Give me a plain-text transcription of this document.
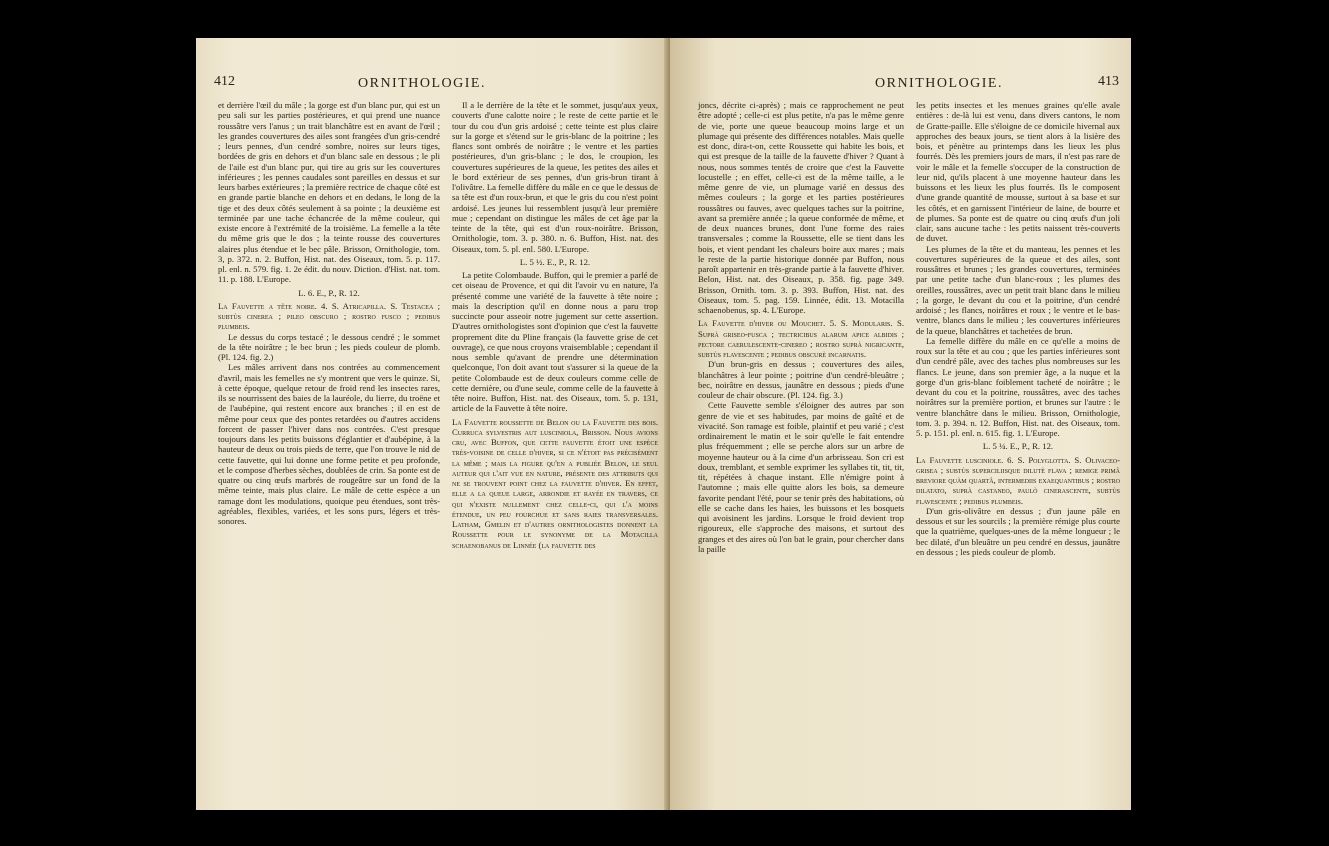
412	ORNITHOLOGIE.

et derrière l'œil du mâle ; la gorge est d'un blanc pur, qui est un peu sali sur les parties postérieures, et qui prend une nuance roussâtre vers l'anus ; un trait blanchâtre est en avant de l'œil ; les grandes couvertures des ailes sont frangées d'un gris-cendré ; leurs pennes, d'un cendré sombre, noires sur leurs tiges, bordées de gris en dehors et d'un blanc sale en dessous ; le pli de l'aile est d'un blanc pur, qui tire au gris sur les couvertures inférieures ; les pennes caudales sont pareilles en dessus et sur leurs barbes extérieures ; la première rectrice de chaque côté est en grande partie blanche en dehors et en dedans, le long de la tige et des deux côtés seulement à sa pointe ; la deuxième est terminée par une tache échancrée de la même couleur, qui existe encore à l'extrémité de la troisième. La femelle a la tête du même gris que le dos ; la teinte rousse des couvertures alaires plus étendue et le bec pâle. Brisson, Ornithologie, tom. 3, p. 372. n. 2. Buffon, Hist. nat. des Oiseaux, tom. 5. p. 117. pl. enl. n. 579. fig. 1. 2e édit. du nouv. Diction. d'Hist. nat. tom. 11. p. 188. L'Europe.

L. 6. E., P., R. 12.

La Fauvette a tête noire. 4. S. Atricapilla. S. Testacea ; subtùs cinerea ; pileo obscuro ; rostro fusco ; pedibus plumbeis.

Le dessus du corps testacé ; le dessous cendré ; le sommet de la tête noirâtre ; le bec brun ; les pieds couleur de plomb. (Pl. 124. fig. 2.)

Les mâles arrivent dans nos contrées au commencement d'avril, mais les femelles ne s'y montrent que vers le quinze. Si, à cette époque, quelque retour de froid rend les insectes rares, ils se nourrissent des baies de la lauréole, du lierre, du troëne et de l'aubépine, qui restent encore aux branches ; il en est de même pour ceux que des pontes retardées ou d'autres accidens forcent de passer l'hiver dans nos contrées. C'est presque toujours dans les petits buissons d'églantier et d'aubépine, à la hauteur de deux ou trois pieds de terre, que l'on trouve le nid de cette fauvette, qui lui donne une forme petite et peu profonde, et le compose d'herbes sèches, doublées de crin. Sa ponte est de quatre ou cinq œufs marbrés de rougeâtre sur un fond de la même teinte, mais plus claire. Le mâle de cette espèce a un ramage dont les modulations, quoique peu étendues, sont très-agréables, flexibles, variées, et les sons purs, légers et très-sonores.

Il a le derrière de la tête et le sommet, jusqu'aux yeux, couverts d'une calotte noire ; le reste de cette partie et le tour du cou d'un gris ardoisé ; cette teinte est plus claire sur la gorge et s'étend sur le gris-blanc de la poitrine ; les flancs sont ombrés de noirâtre ; le ventre et les parties postérieures, d'un gris-blanc ; le dos, le croupion, les couvertures supérieures de la queue, les petites des ailes et le bord extérieur de ses pennes, d'un gris-brun tirant à l'olivâtre. La femelle diffère du mâle en ce que le dessus de sa tête est d'un roux-brun, et que le gris du cou n'est point ardoisé. Les jeunes lui ressemblent jusqu'à leur première mue ; cependant on distingue les mâles de cet âge par la teinte de la tête, qui est d'un roux-noirâtre. Brisson, Ornithologie, tom. 3. p. 380. n. 6. Buffon, Hist. nat. des Oiseaux, tom. 5. pl. enl. 580. L'Europe.

L. 5 ½. E., P., R. 12.

La petite Colombaude. Buffon, qui le premier a parlé de cet oiseau de Provence, et qui dit l'avoir vu en nature, l'a présenté comme une variété de la fauvette à tête noire ; mais la description qu'il en donne nous a paru trop succincte pour asseoir notre jugement sur cette assertion. D'autres ornithologistes sont d'opinion que c'est la fauvette proprement dite du Pline français (la fauvette grise de cet ouvrage), ce que nous croyons vraisemblable ; cependant il nous semble qu'avant de prendre une détermination quelconque, l'on doit avant tout s'assurer si la queue de la petite Colombaude est de deux couleurs comme celle de cette dernière, ou d'une seule, comme celle de la fauvette à tête noire. Buffon, Hist. nat. des Oiseaux, tom. 5. p. 131, article de la Fauvette à tête noire.

La Fauvette roussette de Belon ou la Fauvette des bois. Curruca sylvestris aut lusciniola, Brisson. Nous avions cru, avec Buffon, que cette fauvette étoit une espèce très-voisine de celle d'hiver, si ce n'étoit pas précisément la même ; mais la figure qu'en a publiée Belon, le seul auteur qui l'ait vue en nature, présente des attributs qui ne se trouvent point chez la fauvette d'hiver. En effet, elle a la queue large, arrondie et rayée en travers, ce qui n'existe nullement chez celle-ci, qui l'a moins étendue, un peu fourchue et sans raies transversales. Latham, Gmelin et d'autres ornithologistes donnent la Roussette pour le synonyme de la Motacilla schaenobanus de Linnée (la fauvette des

ORNITHOLOGIE.	413

joncs, décrite ci-après) ; mais ce rapprochement ne peut être adopté ; celle-ci est plus petite, n'a pas le même genre de vie, porte une queue beaucoup moins large et un plumage qui présente des différences notables. Mais quelle est donc, dira-t-on, cette Roussette qui habite les bois, et qui est presque de la taille de la fauvette d'hiver ? Quant à nous, nous sommes tentés de croire que c'est la Fauvette locustelle ; en effet, celle-ci est de la même taille, a le même genre de vie, un plumage varié en dessus des mêmes couleurs ; la gorge et les parties postérieures roussâtres ou fauves, avec quelques taches sur la poitrine, avant sa première année ; la queue conformée de même, et de deux nuances brunes, dont l'une forme des raies transversales ; comme la Roussette, elle se tient dans les bois, et vient pendant les chaleurs boire aux mares ; mais le reste de la partie historique donnée par Buffon, nous paroît appartenir en très-grande partie à la fauvette d'hiver. Belon, Hist. nat. des Oiseaux, p. 358. fig. page 349. Brisson, Ornith. tom. 3. p. 393. Buffon, Hist. nat. des Oiseaux, tom. 5. pag. 159. Linnée, édit. 13. Motacilla schaenobenus, sp. 4. L'Europe.

La Fauvette d'hiver ou Mouchet. 5. S. Modularis. S. Suprà griseo-fusca ; tectricibus alarum apice albidis ; pectore caerulescente-cinereo ; rostro suprà nigricante, subtùs flavescente ; pedibus obscurè incarnatis.

D'un brun-gris en dessus ; couvertures des ailes, blanchâtres à leur pointe ; poitrine d'un cendré-bleuâtre ; bec, noirâtre en dessus, jaunâtre en dessous ; pieds d'une couleur de chair obscure. (Pl. 124. fig. 3.)

Cette Fauvette semble s'éloigner des autres par son genre de vie et ses habitudes, par moins de gaîté et de vivacité. Son ramage est foible, plaintif et peu varié ; c'est ordinairement le matin et le soir qu'elle le fait entendre plus fréquemment ; elle se perche alors sur un arbre de moyenne hauteur ou à la cime d'un arbrisseau. Son cri est doux, tremblant, et semble exprimer les syllabes tit, tit, tit, tit, répétées à chaque instant. Elle n'émigre point à l'automne ; mais elle quitte alors les bois, sa demeure favorite pendant l'été, pour se tenir près des habitations, où elle se cache dans les haies, les buissons et les bosquets qui avoisinent les jardins. Lorsque le froid devient trop rigoureux, elle s'approche des maisons, et surtout des granges et des aires où l'on bat le grain, pour chercher dans la paille

les petits insectes et les menues graines qu'elle avale entières : de-là lui est venu, dans divers cantons, le nom de Gratte-paille. Elle s'éloigne de ce domicile hivernal aux approches des beaux jours, se tient alors à la lisière des bois, et pénètre au printemps dans les lieux les plus fourrés. Dès les premiers jours de mars, il n'est pas rare de voir le mâle et la femelle s'occuper de la construction de leur nid, qu'ils placent à une moyenne hauteur dans les buissons et les lieux les plus fourrés. Ils le composent d'une grande quantité de mousse, surtout à sa base et sur les côtés, et en garnissent l'intérieur de laine, de bourre et de plumes. Sa ponte est de quatre ou cinq œufs d'un joli clair, sans aucune tache : les petits naissent très-couverts de duvet.

Les plumes de la tête et du manteau, les pennes et les couvertures supérieures de la queue et des ailes, sont roussâtres et brunes ; les grandes couvertures, terminées par une petite tache d'un blanc-roux ; les plumes des oreilles, roussâtres, avec un petit trait blanc dans le milieu ; la gorge, le devant du cou et la poitrine, d'un cendré ardoisé ; les flancs, noirâtres et roux ; le ventre et le bas-ventre, blancs dans le milieu ; les couvertures inférieures de la queue, blanchâtres et tachetées de brun.

La femelle diffère du mâle en ce qu'elle a moins de roux sur la tête et au cou ; que les parties inférieures sont d'un cendré pâle, avec des taches plus nombreuses sur les flancs. Le jeune, dans son premier âge, a la nuque et la gorge d'un gris-blanc foiblement tacheté de noirâtre ; le devant du cou et la poitrine, roussâtres, avec des taches noirâtres sur la première portion, et brunes sur l'autre : le ventre blanchâtre dans le milieu. Brisson, Ornithologie, tom. 3. p. 394. n. 12. Buffon, Hist. nat. des Oiseaux, tom. 5. p. 151. pl. enl. n. 615. fig. 1. L'Europe.

L. 5 ¼. E., P., R. 12.

La Fauvette lusciniole. 6. S. Polyglotta. S. Olivaceo-grisea ; subtùs superciliisque dilutè flava ; remige primâ breviore quàm quartâ, intermediis exaequantibus ; rostro dilatato, suprà castaneo, paulò cinerascente, subtùs flavescente ; pedibus plumbeis.

D'un gris-olivâtre en dessus ; d'un jaune pâle en dessous et sur les sourcils ; la première rémige plus courte que la quatrième, quelques-unes de la même longueur ; le bec dilaté, d'un bleuâtre un peu cendré en dessus, jaunâtre en dessous ; les pieds couleur de plomb.
